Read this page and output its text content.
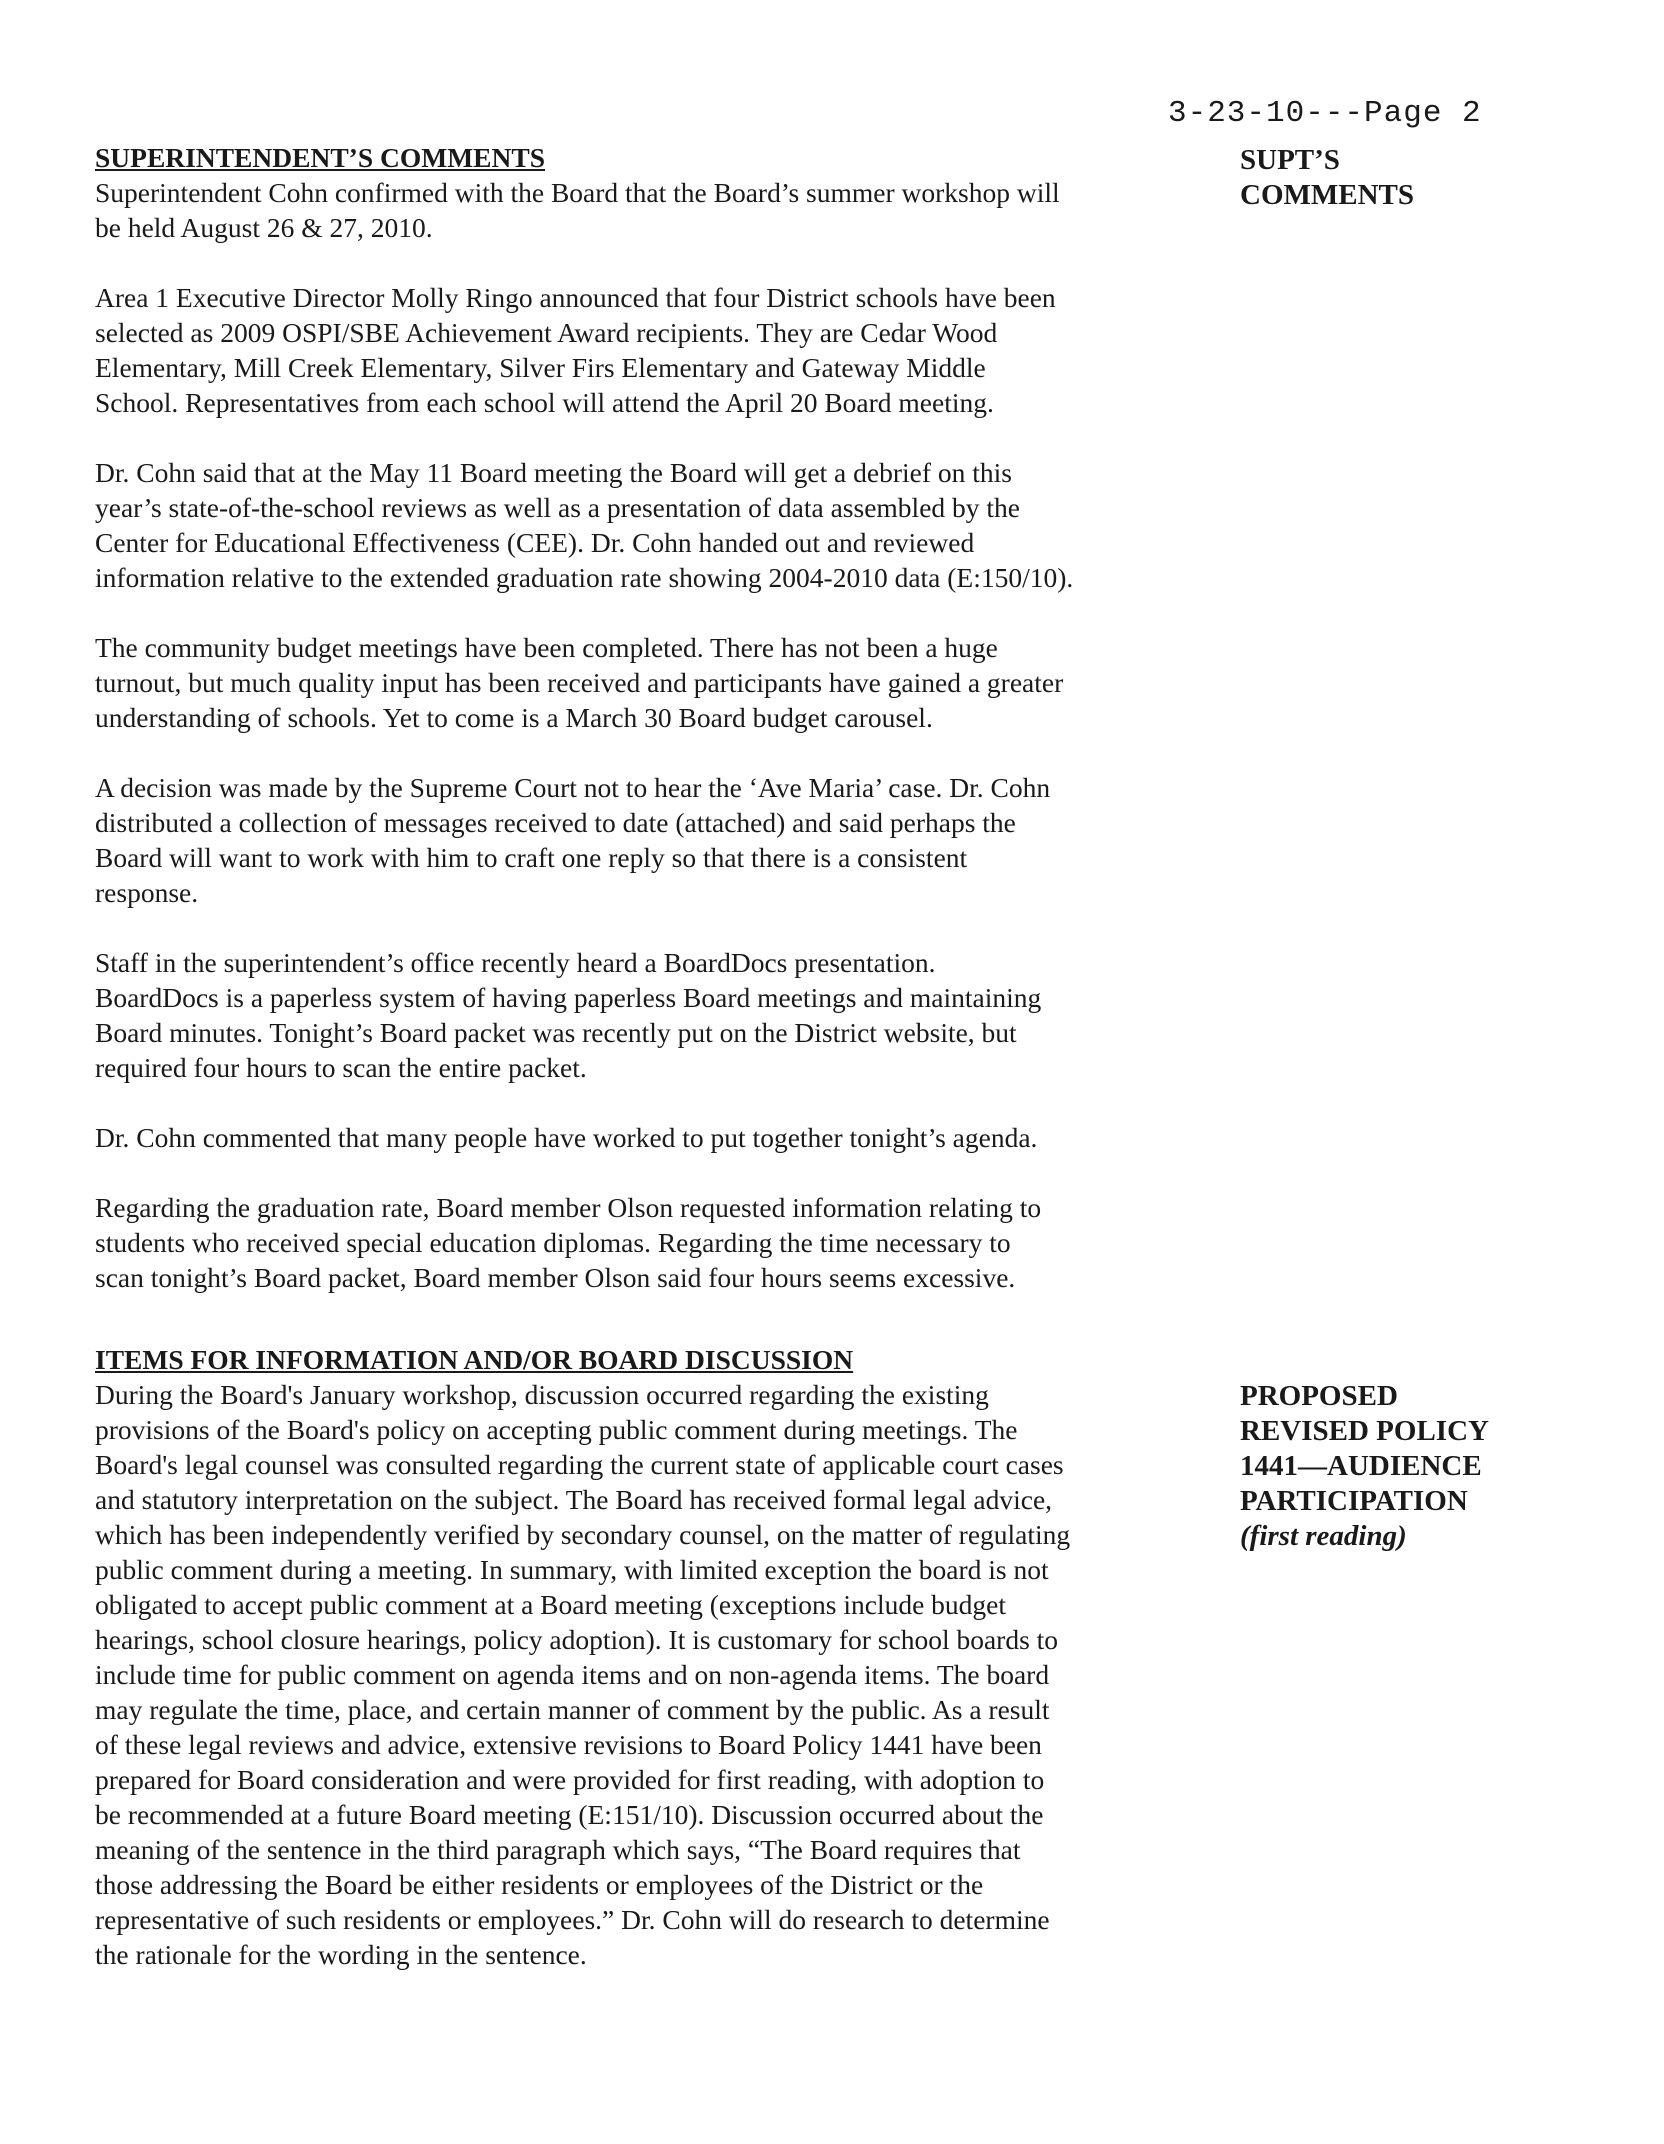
3-23-10---Page 2
SUPT’S
COMMENTS
SUPERINTENDENT’S COMMENTS

Superintendent Cohn confirmed with the Board that the Board’s summer workshop will
be held August 26 & 27, 2010.

Area 1 Executive Director Molly Ringo announced that four District schools have been
selected as 2009 OSPI/SBE Achievement Award recipients. They are Cedar Wood
Elementary, Mill Creek Elementary, Silver Firs Elementary and Gateway Middle
School. Representatives from each school will attend the April 20 Board meeting.

Dr. Cohn said that at the May 11 Board meeting the Board will get a debrief on this
year’s state-of-the-school reviews as well as a presentation of data assembled by the
Center for Educational Effectiveness (CEE). Dr. Cohn handed out and reviewed
information relative to the extended graduation rate showing 2004-2010 data (E:150/10).

The community budget meetings have been completed. There has not been a huge
turnout, but much quality input has been received and participants have gained a greater
understanding of schools. Yet to come is a March 30 Board budget carousel.

A decision was made by the Supreme Court not to hear the ‘Ave Maria’ case. Dr. Cohn
distributed a collection of messages received to date (attached) and said perhaps the
Board will want to work with him to craft one reply so that there is a consistent
response.

Staff in the superintendent’s office recently heard a BoardDocs presentation.
BoardDocs is a paperless system of having paperless Board meetings and maintaining
Board minutes. Tonight’s Board packet was recently put on the District website, but
required four hours to scan the entire packet.

Dr. Cohn commented that many people have worked to put together tonight’s agenda.

Regarding the graduation rate, Board member Olson requested information relating to
students who received special education diplomas. Regarding the time necessary to
scan tonight’s Board packet, Board member Olson said four hours seems excessive.

PROPOSED
REVISED POLICY
1441—AUDIENCE
PARTICIPATION
(first reading)
ITEMS FOR INFORMATION AND/OR BOARD DISCUSSION

During the Board's January workshop, discussion occurred regarding the existing
provisions of the Board's policy on accepting public comment during meetings. The
Board's legal counsel was consulted regarding the current state of applicable court cases
and statutory interpretation on the subject. The Board has received formal legal advice,
which has been independently verified by secondary counsel, on the matter of regulating
public comment during a meeting. In summary, with limited exception the board is not
obligated to accept public comment at a Board meeting (exceptions include budget
hearings, school closure hearings, policy adoption). It is customary for school boards to
include time for public comment on agenda items and on non-agenda items. The board
may regulate the time, place, and certain manner of comment by the public. As a result
of these legal reviews and advice, extensive revisions to Board Policy 1441 have been
prepared for Board consideration and were provided for first reading, with adoption to
be recommended at a future Board meeting (E:151/10). Discussion occurred about the
meaning of the sentence in the third paragraph which says, “The Board requires that
those addressing the Board be either residents or employees of the District or the
representative of such residents or employees.” Dr. Cohn will do research to determine
the rationale for the wording in the sentence.
